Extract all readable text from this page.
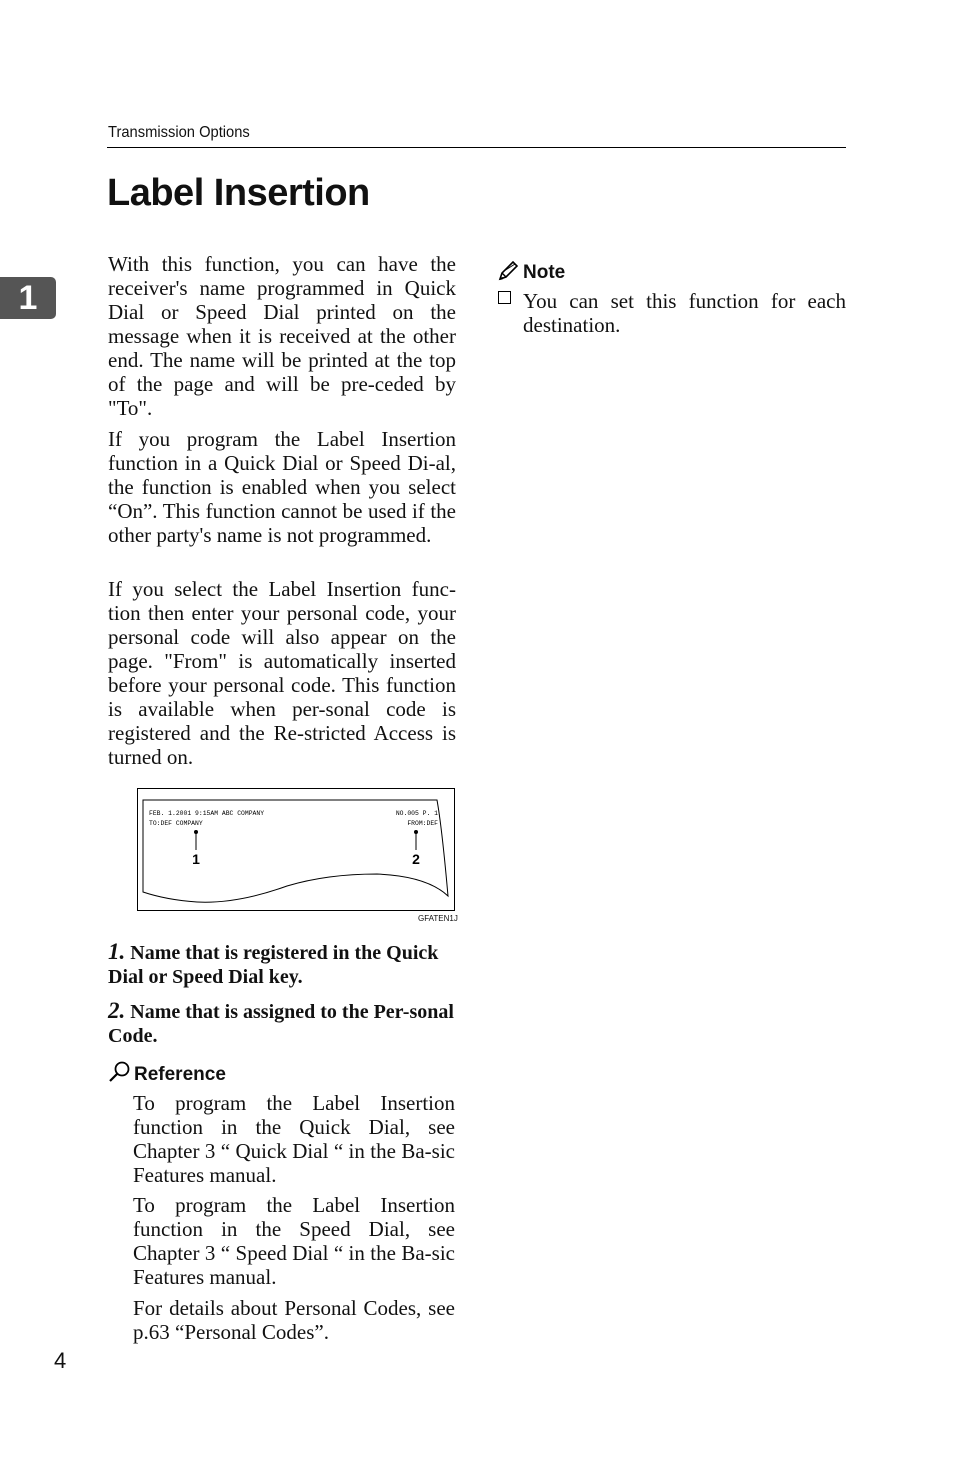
Transmission Options
Label Insertion
1
With this function, you can have the receiver's name programmed in Quick Dial or Speed Dial printed on the message when it is received at the other end. The name will be printed at the top of the page and will be pre-ceded by "To".
If you program the Label Insertion function in a Quick Dial or Speed Di-al, the function is enabled when you select “On”. This function cannot be used if the other party's name is not programmed.
If you select the Label Insertion func-tion then enter your personal code, your personal code will also appear on the page. "From" is automatically inserted before your personal code. This function is available when per-sonal code is registered and the Re-stricted Access is turned on.
FEB. 1.2001 9:15AM ABC COMPANY	NO.005 P. 1
TO:DEF COMPANY	FROM:DEF
1	2
GFATEN1J
1. Name that is registered in the Quick Dial or Speed Dial key.
2. Name that is assigned to the Per-sonal Code.
Reference
To program the Label Insertion function in the Quick Dial, see Chapter 3 “ Quick Dial “ in the Ba-sic Features manual.
To program the Label Insertion function in the Speed Dial, see Chapter 3 “ Speed Dial “ in the Ba-sic Features manual.
For details about Personal Codes, see p.63 “Personal Codes”.
Note
You can set this function for each destination.
4
